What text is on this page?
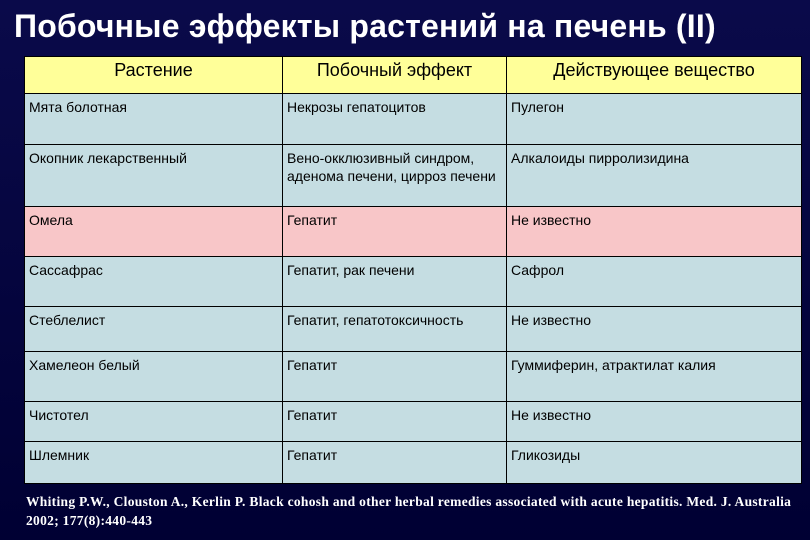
Побочные эффекты растений на печень (II)
Растение	Побочный эффект	Действующее вещество
Мята болотная	Некрозы гепатоцитов	Пулегон
Окопник лекарственный	Вено-окклюзивный синдром, аденома печени, цирроз печени	Алкалоиды пирролизидина
Омела	Гепатит	Не известно
Сассафрас	Гепатит, рак печени	Сафрол
Стеблелист	Гепатит, гепатотоксичность	Не известно
Хамелеон белый	Гепатит	Гуммиферин, атрактилат калия
Чистотел	Гепатит	Не известно
Шлемник	Гепатит	Гликозиды
Whiting P.W., Clouston A., Kerlin P. Black cohosh and other herbal remedies associated with acute hepatitis. Med. J. Australia 2002; 177(8):440-443
